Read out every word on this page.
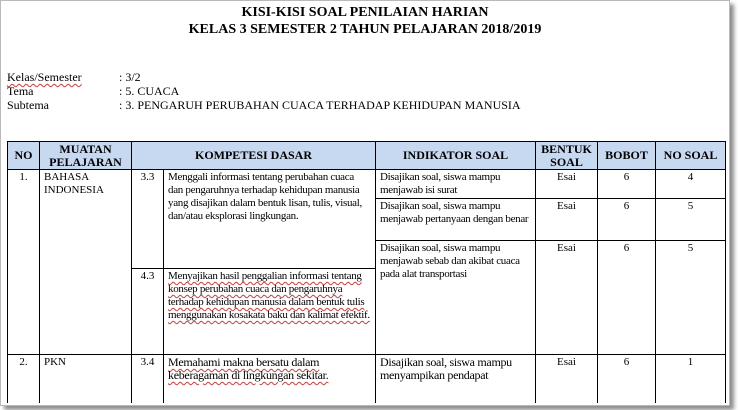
KISI-KISI SOAL PENILAIAN HARIAN
KELAS 3 SEMESTER 2 TAHUN PELAJARAN 2018/2019
Kelas/Semester	: 3/2
Tema	: 5. CUACA
Subtema	: 3. PENGARUH PERUBAHAN CUACA TERHADAP KEHIDUPAN MANUSIA
NO	MUATAN PELAJARAN	KOMPETESI DASAR		INDIKATOR SOAL	BENTUK SOAL	BOBOT	NO SOAL
1.	BAHASA INDONESIA	3.3	Menggali informasi tentang perubahan cuaca dan pengaruhnya terhadap kehidupan manusia yang disajikan dalam bentuk lisan, tulis, visual, dan/atau eksplorasi lingkungan.	Disajikan soal, siswa mampu menjawab isi surat	Esai	6	4
				Disajikan soal, siswa mampu menjawab pertanyaan dengan benar	Esai	6	5
				Disajikan soal, siswa mampu menjawab sebab dan akibat cuaca pada alat transportasi	Esai	6	5
		4.3	Menyajikan hasil penggalian informasi tentang konsep perubahan cuaca dan pengaruhnya terhadap kehidupan manusia dalam bentuk tulis menggunakan kosakata baku dan kalimat efektif.				
2.	PKN	3.4	Memahami makna bersatu dalam keberagaman di lingkungan sekitar.	Disajikan soal, siswa mampu menyampikan pendapat	Esai	6	1
